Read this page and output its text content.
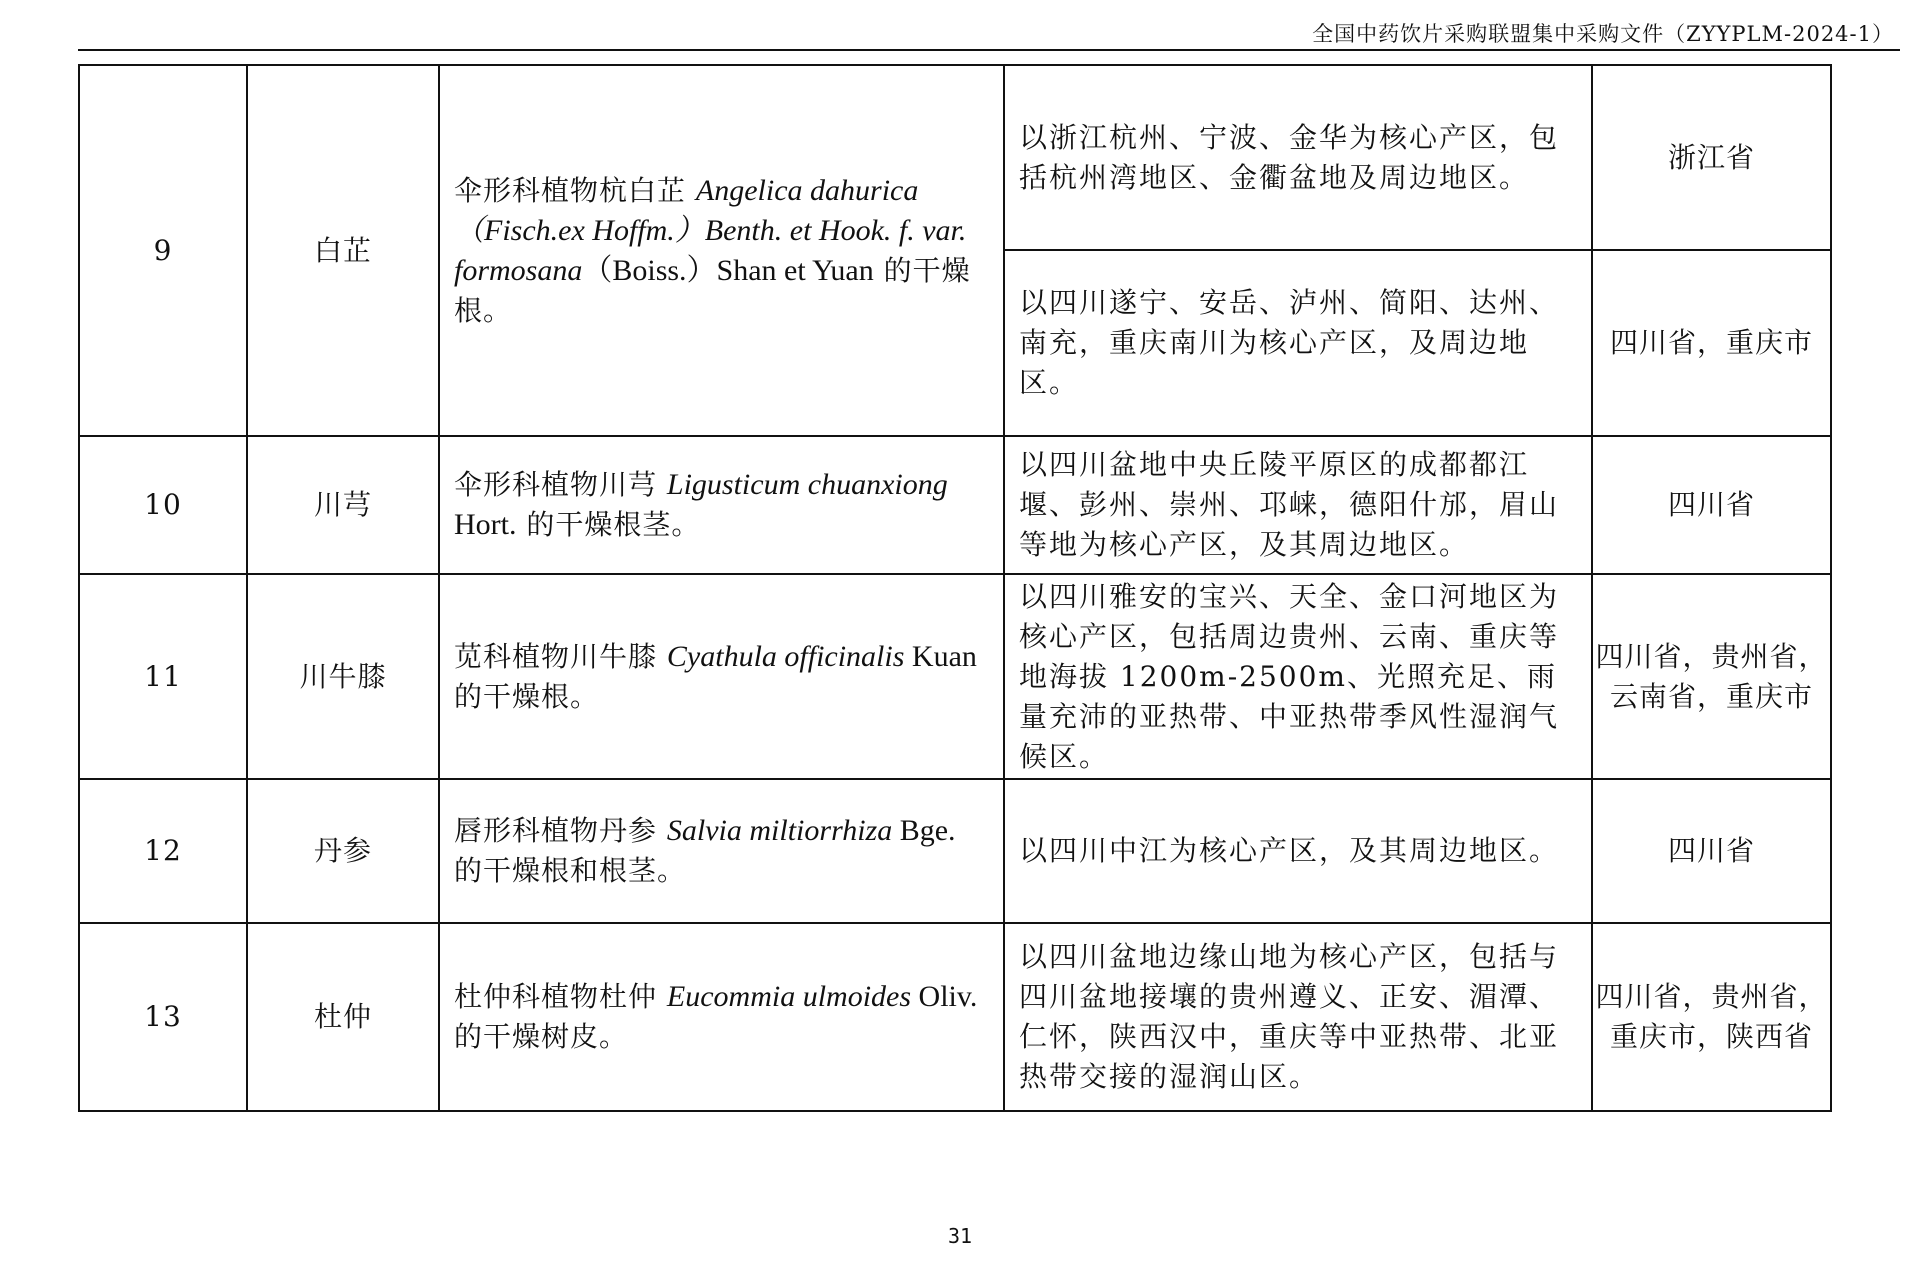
全国中药饮片采购联盟集中采购文件（ZYYPLM-2024-1）
9	白芷	伞形科植物杭白芷 Angelica dahurica（Fisch.ex Hoffm.）Benth. et Hook. f. var. formosana（Boiss.）Shan et Yuan 的干燥根。	以浙江杭州、宁波、金华为核心产区，包括杭州湾地区、金衢盆地及周边地区。	浙江省
			以四川遂宁、安岳、泸州、简阳、达州、南充，重庆南川为核心产区，及周边地区。	四川省，重庆市
10	川芎	伞形科植物川芎 Ligusticum chuanxiong Hort. 的干燥根茎。	以四川盆地中央丘陵平原区的成都都江堰、彭州、崇州、邛崃，德阳什邡，眉山等地为核心产区，及其周边地区。	四川省
11	川牛膝	苋科植物川牛膝 Cyathula officinalis Kuan 的干燥根。	以四川雅安的宝兴、天全、金口河地区为核心产区，包括周边贵州、云南、重庆等地海拔 1200m-2500m、光照充足、雨量充沛的亚热带、中亚热带季风性湿润气候区。	四川省，贵州省，云南省，重庆市
12	丹参	唇形科植物丹参 Salvia miltiorrhiza Bge. 的干燥根和根茎。	以四川中江为核心产区，及其周边地区。	四川省
13	杜仲	杜仲科植物杜仲 Eucommia ulmoides Oliv. 的干燥树皮。	以四川盆地边缘山地为核心产区，包括与四川盆地接壤的贵州遵义、正安、湄潭、仁怀，陕西汉中，重庆等中亚热带、北亚热带交接的湿润山区。	四川省，贵州省，重庆市，陕西省
31
